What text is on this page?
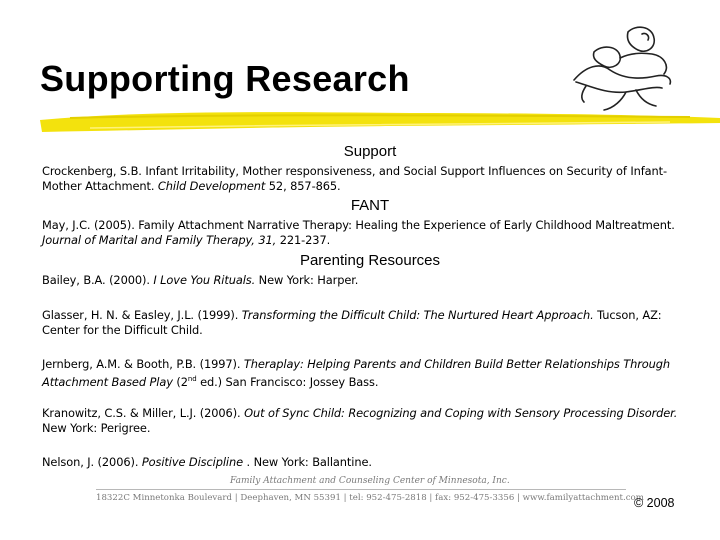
Supporting Research
Support
Crockenberg, S.B. Infant Irritability, Mother responsiveness, and Social Support Influences on Security of Infant-Mother Attachment. Child Development 52, 857-865.
FANT
May, J.C. (2005). Family Attachment Narrative Therapy: Healing the Experience of Early Childhood Maltreatment. Journal of Marital and Family Therapy, 31, 221-237.
Parenting Resources
Bailey, B.A. (2000). I Love You Rituals. New York: Harper.
Glasser, H. N. & Easley, J.L. (1999). Transforming the Difficult Child: The Nurtured Heart Approach. Tucson, AZ: Center for the Difficult Child.
Jernberg, A.M. & Booth, P.B. (1997). Theraplay: Helping Parents and Children Build Better Relationships Through Attachment Based Play (2nd ed.) San Francisco: Jossey Bass.
Kranowitz, C.S. & Miller, L.J. (2006). Out of Sync Child: Recognizing and Coping with Sensory Processing Disorder. New York: Perigree.
Nelson, J. (2006). Positive Discipline . New York: Ballantine.
Family Attachment and Counseling Center of Minnesota, Inc.
18322C Minnetonka Boulevard | Deephaven, MN 55391 | tel: 952-475-2818 | fax: 952-475-3356 | www.familyattachment.com
© 2008
